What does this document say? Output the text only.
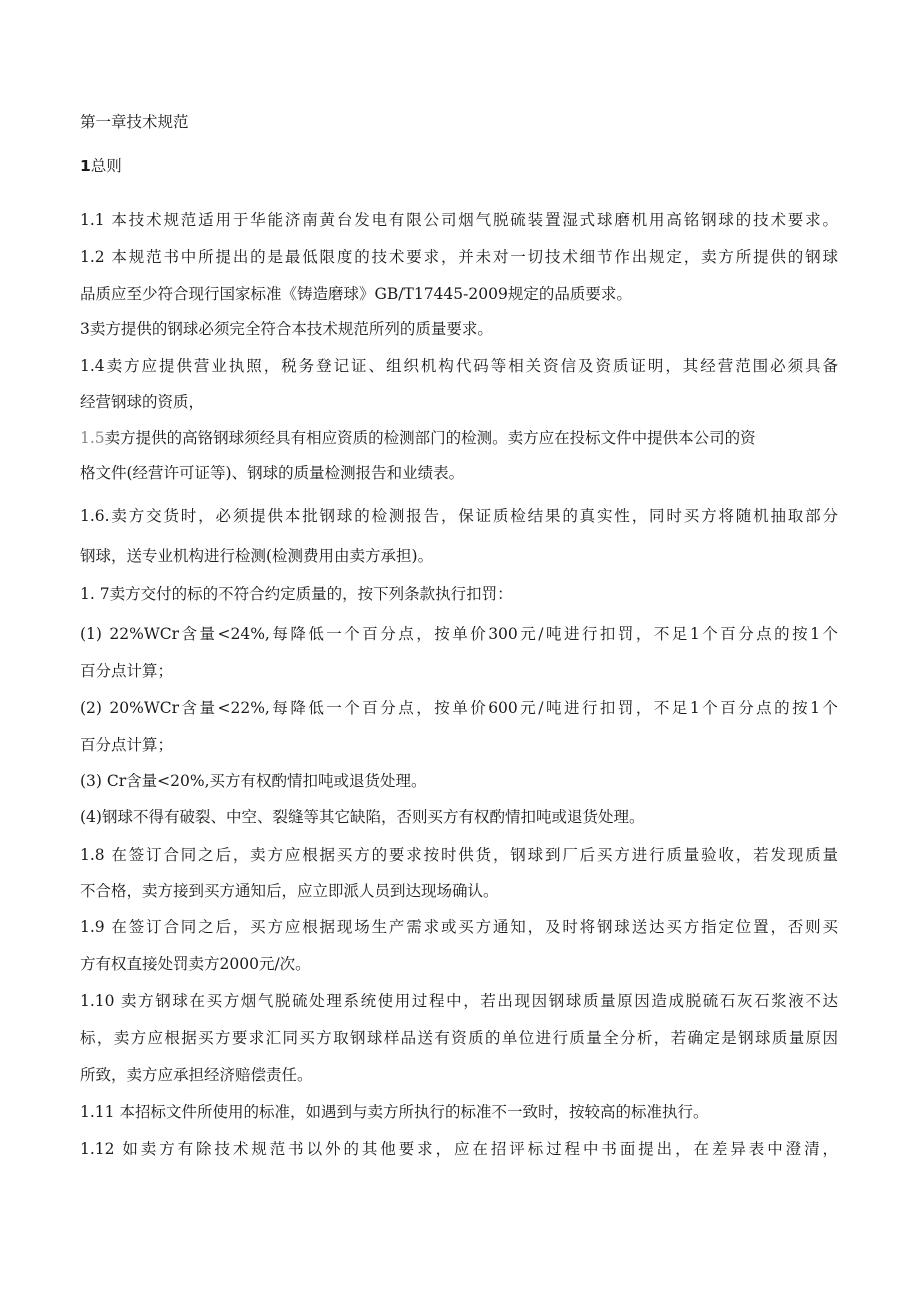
第一章技术规范

1总则

1.1 本技术规范适用于华能济南黄台发电有限公司烟气脱硫装置湿式球磨机用高铭钢球的技术要求。

1.2 本规范书中所提出的是最低限度的技术要求，并未对一切技术细节作出规定，卖方所提供的钢球

品质应至少符合现行国家标准《铸造磨球》GB/T17445-2009规定的品质要求。

3卖方提供的钢球必须完全符合本技术规范所列的质量要求。

1.4卖方应提供营业执照，税务登记证、组织机构代码等相关资信及资质证明，其经营范围必须具备

经营钢球的资质，

1.5卖方提供的高铬钢球须经具有相应资质的检测部门的检测。卖方应在投标文件中提供本公司的资

格文件(经营许可证等)、钢球的质量检测报告和业绩表。

1.6.卖方交货时，必须提供本批钢球的检测报告，保证质检结果的真实性，同时买方将随机抽取部分

钢球，送专业机构进行检测(检测费用由卖方承担)。

1. 7卖方交付的标的不符合约定质量的，按下列条款执行扣罚：

(1) 22%WCr含量<24%,每降低一个百分点，按单价300元/吨进行扣罚，不足1个百分点的按1个

百分点计算；

(2) 20%WCr含量<22%,每降低一个百分点，按单价600元/吨进行扣罚，不足1个百分点的按1个

百分点计算；

(3) Cr含量<20%,买方有权酌情扣吨或退货处理。

(4)钢球不得有破裂、中空、裂缝等其它缺陷，否则买方有权酌情扣吨或退货处理。

1.8 在签订合同之后，卖方应根据买方的要求按时供货，钢球到厂后买方进行质量验收，若发现质量

不合格，卖方接到买方通知后，应立即派人员到达现场确认。

1.9 在签订合同之后，买方应根据现场生产需求或买方通知，及时将钢球送达买方指定位置，否则买

方有权直接处罚卖方2000元/次。

1.10 卖方钢球在买方烟气脱硫处理系统使用过程中，若出现因钢球质量原因造成脱硫石灰石浆液不达

标，卖方应根据买方要求汇同买方取钢球样品送有资质的单位进行质量全分析，若确定是钢球质量原因

所致，卖方应承担经济赔偿责任。

1.11 本招标文件所使用的标准，如遇到与卖方所执行的标准不一致时，按较高的标准执行。

1.12 如卖方有除技术规范书以外的其他要求，应在招评标过程中书面提出，在差异表中澄清，
